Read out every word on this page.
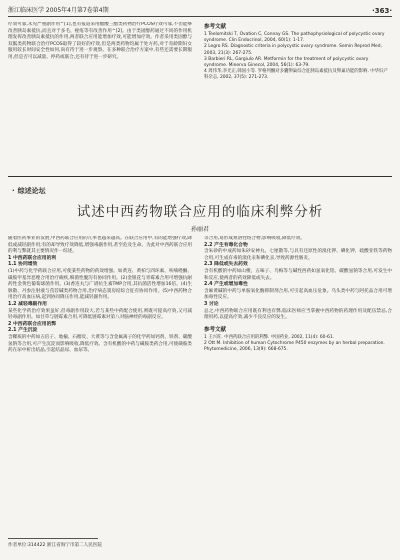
浙江临床医学 2005年4月第7卷第4期	·363·

疗效可靠,未见严重副作用^[1],也有报道采用醋酸三醋类药物治疗PCOS疗效可靠,不但能够改善胰岛素抵抗,而且对于多毛、痤疮等有改善作用^[2]。由于类固醇药通过不同的作用机理发挥改善胰岛素抵抗的作用,两者联合应用能增加疗效,可能增加疗效。作者采用类固醇与双胍类药物联合治疗PCOS取得了较好的疗效,但是两类药物均属于处方药,对于育龄期妇女服用较长时间安全性如何,尚有待于进一步观察。在多种联合治疗方案中,有些还需要长期服用,但是否可以减量、停药或联合,还有待于进一步研究。

参考文献

1 Teelomitski T, Ovation C, Connay GS. The pathophysiological of polycystic ovary syndrome. Clin Endocrinol, 2004, 60(1): 1-17.

2 Legro RS. Diagnostic criteria in polycystic ovary syndrome. Semin Reprod Med, 2003, 21(3): 267-275.

3 Barbieri RL, Gargiulo AR. Metformin for the treatment of polycystic ovary syndrome. Minerva Ginecol, 2004, 56(1): 63-79.

4 周伟华,李光正,韩国小等. 罗格列酮对多囊卵巢综合征胰岛素抵抗及卵巢功能的影响. 中华妇产科杂志, 2002, 37(5): 271-273.

· 综述论坛
试述中西药物联合应用的临床利弊分析
孙丽君

随着医药事业的发展,中西药联合应用的几率也越来越高。在联合应用中,有的能增强疗效,降低或减轻副作用;有的却导致疗效降低,增强毒副作用,甚至危及生命。为此对中西药联合应用的利与弊就其主要情况作一综述。

1 中西药联合应用的利

1.1 协同增效

(1)中药与化学药联合应用,可使某些药物的药效增强。如黄连、黄柏与四环素、呋喃唑酮、磺胺甲基异恶唑合用治疗痢疾,细菌性腹泻有协同作用。(2)金银花与青霉素合用可增强抗耐药性金黄色葡萄球菌作用。(3)香连丸与广谱抗生素TMP合用,其抗菌活性增加16倍。(4)生脉散、丹参注射液与莨菪碱类药物合用,治疗病态窦房结综合征有协同作用。(5)中西药物合用治疗高血压病,起到协同降压作用,能减轻副作用。

1.2 减轻毒副作用

某些化学药治疗效果虽好,但毒副作用较大,若与某些中药配合使用,则既可提高疗效,又可减轻毒副作用。如甘草与链霉素合用,可降低链霉素对第八对脑神经的毒副反应。

2 中西药联合应用的弊

2.1 产生沉淀

含鞣质的中药如五倍子、地榆、石榴皮、大黄等与含金属离子的化学药如钙剂、铁剂、碳酸氢钠等合用,可产生沉淀而影响吸收,降低疗效。含有机酸的中药与磺胺类药合用,可使磺胺类药在尿中析出结晶,引起结晶尿、血尿等。

等合用,易形成难溶性络合物,影响吸收,降低疗效。

2.2 产生有毒化合物

含朱砂的中成药如朱砂安神丸、七厘散等,与具有还原性的溴化钾、碘化钾、硫酸亚铁等药物合用,可生成有毒的溴化汞和碘化汞,导致药源性肠炎。

2.3 降低或失去药效

含有机酸的中药如山楂、五味子、乌梅等与碱性西药如氢氧化铝、碳酸氢钠等合用,可发生中和反应,使两者的药效降低或失去。

2.4 产生或增加毒性

含麻黄碱的中药与单胺氧化酶抑制剂合用,可引起高血压危象。乌头类中药与阿托品合用可增加毒性反应。

3 讨论

总之,中西药物联合应用既有利也有弊,临床医师应当掌握中西药物的药理作用及配伍禁忌,合理用药,以提高疗效,减少不良反应的发生。

参考文献

1 王兴旺. 中西药联合应用的利弊. 中国药业, 2002, 11(4): 60-61.

2 Ott M. Inhibition of human Cytochrome P450 enzymes by an herbal preparation. Phytomedicine, 2006, 13(9): 668-675.

作者单位:314422 浙江省海宁市第二人民医院
